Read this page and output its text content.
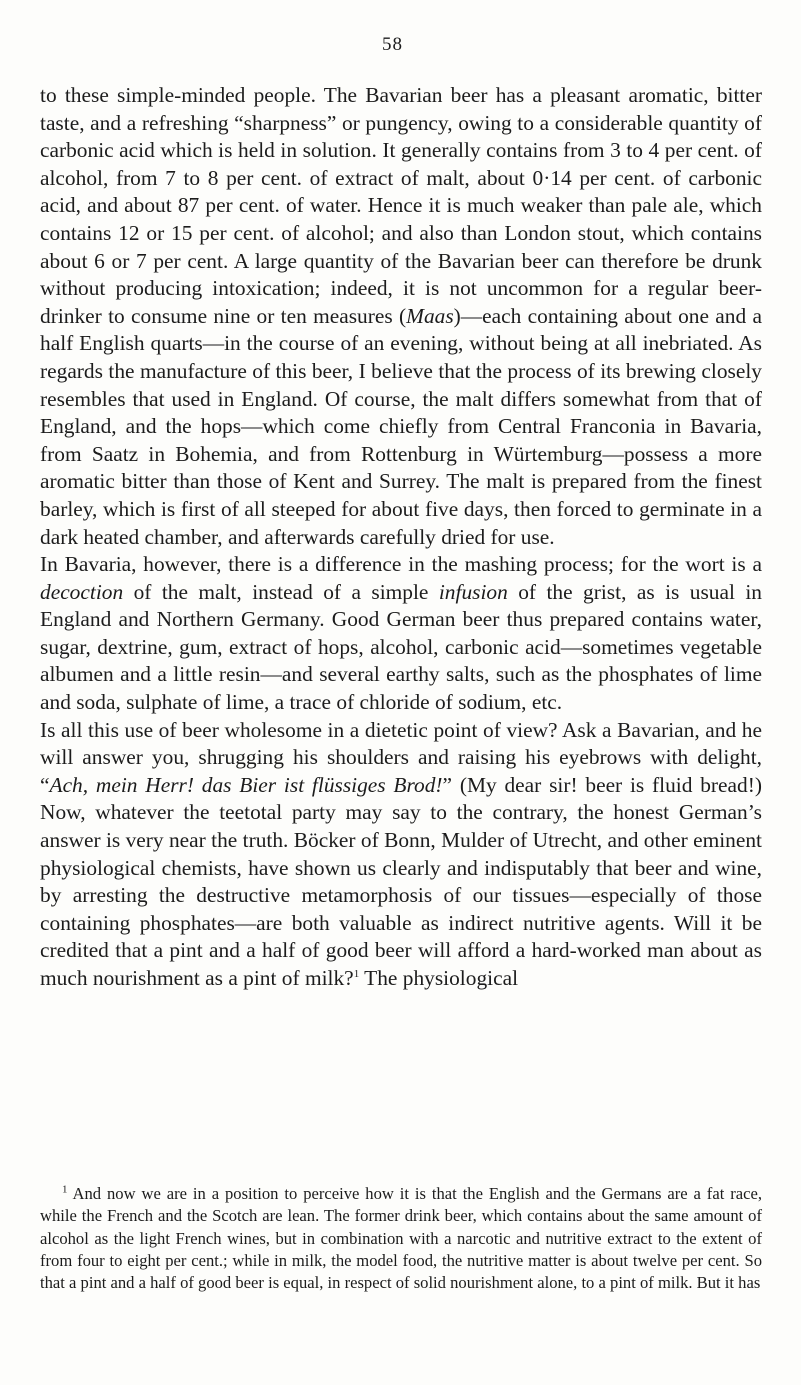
58

to these simple-minded people. The Bavarian beer has a pleasant aromatic, bitter taste, and a refreshing “sharpness” or pungency, owing to a considerable quantity of carbonic acid which is held in solution. It generally contains from 3 to 4 per cent. of alcohol, from 7 to 8 per cent. of extract of malt, about 0·14 per cent. of carbonic acid, and about 87 per cent. of water. Hence it is much weaker than pale ale, which contains 12 or 15 per cent. of alcohol; and also than London stout, which contains about 6 or 7 per cent. A large quantity of the Bavarian beer can therefore be drunk without producing intoxication; indeed, it is not uncommon for a regular beer-drinker to consume nine or ten measures (Maas)—each containing about one and a half English quarts—in the course of an evening, without being at all inebriated. As regards the manufacture of this beer, I believe that the process of its brewing closely resembles that used in England. Of course, the malt differs somewhat from that of England, and the hops—which come chiefly from Central Franconia in Bavaria, from Saatz in Bohemia, and from Rottenburg in Würtemburg—possess a more aromatic bitter than those of Kent and Surrey. The malt is prepared from the finest barley, which is first of all steeped for about five days, then forced to germinate in a dark heated chamber, and afterwards carefully dried for use.

In Bavaria, however, there is a difference in the mashing process; for the wort is a decoction of the malt, instead of a simple infusion of the grist, as is usual in England and Northern Germany. Good German beer thus prepared contains water, sugar, dextrine, gum, extract of hops, alcohol, carbonic acid—sometimes vegetable albumen and a little resin—and several earthy salts, such as the phosphates of lime and soda, sulphate of lime, a trace of chloride of sodium, etc.

Is all this use of beer wholesome in a dietetic point of view? Ask a Bavarian, and he will answer you, shrugging his shoulders and raising his eyebrows with delight, “Ach, mein Herr! das Bier ist flüssiges Brod!” (My dear sir! beer is fluid bread!) Now, whatever the teetotal party may say to the contrary, the honest German’s answer is very near the truth. Böcker of Bonn, Mulder of Utrecht, and other eminent physiological chemists, have shown us clearly and indisputably that beer and wine, by arresting the destructive metamorphosis of our tissues—especially of those containing phosphates—are both valuable as indirect nutritive agents. Will it be credited that a pint and a half of good beer will afford a hard-worked man about as much nourishment as a pint of milk?$^1$ The physiological

$^1$ And now we are in a position to perceive how it is that the English and the Germans are a fat race, while the French and the Scotch are lean. The former drink beer, which contains about the same amount of alcohol as the light French wines, but in combination with a narcotic and nutritive extract to the extent of from four to eight per cent.; while in milk, the model food, the nutritive matter is about twelve per cent. So that a pint and a half of good beer is equal, in respect of solid nourishment alone, to a pint of milk. But it has
